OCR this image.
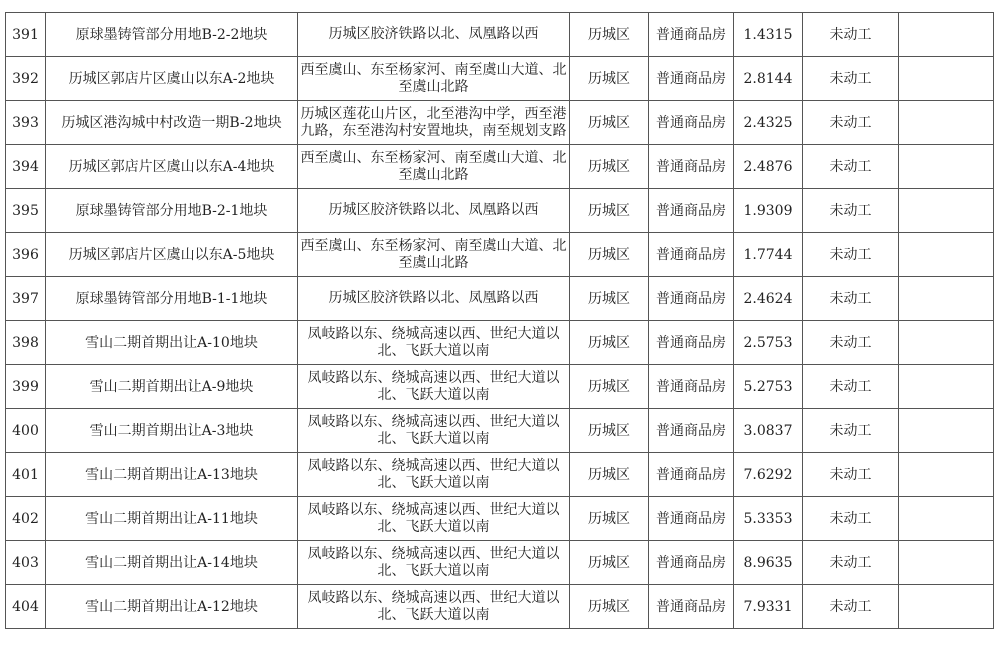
391	原球墨铸管部分用地B-2-2地块	历城区胶济铁路以北、凤凰路以西	历城区	普通商品房	1.4315	未动工	
392	历城区郭店片区虞山以东A-2地块	西至虞山、东至杨家河、南至虞山大道、北至虞山北路	历城区	普通商品房	2.8144	未动工	
393	历城区港沟城中村改造一期B-2地块	历城区莲花山片区，北至港沟中学，西至港九路，东至港沟村安置地块，南至规划支路	历城区	普通商品房	2.4325	未动工	
394	历城区郭店片区虞山以东A-4地块	西至虞山、东至杨家河、南至虞山大道、北至虞山北路	历城区	普通商品房	2.4876	未动工	
395	原球墨铸管部分用地B-2-1地块	历城区胶济铁路以北、凤凰路以西	历城区	普通商品房	1.9309	未动工	
396	历城区郭店片区虞山以东A-5地块	西至虞山、东至杨家河、南至虞山大道、北至虞山北路	历城区	普通商品房	1.7744	未动工	
397	原球墨铸管部分用地B-1-1地块	历城区胶济铁路以北、凤凰路以西	历城区	普通商品房	2.4624	未动工	
398	雪山二期首期出让A-10地块	凤岐路以东、绕城高速以西、世纪大道以北、飞跃大道以南	历城区	普通商品房	2.5753	未动工	
399	雪山二期首期出让A-9地块	凤岐路以东、绕城高速以西、世纪大道以北、飞跃大道以南	历城区	普通商品房	5.2753	未动工	
400	雪山二期首期出让A-3地块	凤岐路以东、绕城高速以西、世纪大道以北、飞跃大道以南	历城区	普通商品房	3.0837	未动工	
401	雪山二期首期出让A-13地块	凤岐路以东、绕城高速以西、世纪大道以北、飞跃大道以南	历城区	普通商品房	7.6292	未动工	
402	雪山二期首期出让A-11地块	凤岐路以东、绕城高速以西、世纪大道以北、飞跃大道以南	历城区	普通商品房	5.3353	未动工	
403	雪山二期首期出让A-14地块	凤岐路以东、绕城高速以西、世纪大道以北、飞跃大道以南	历城区	普通商品房	8.9635	未动工	
404	雪山二期首期出让A-12地块	凤岐路以东、绕城高速以西、世纪大道以北、飞跃大道以南	历城区	普通商品房	7.9331	未动工	
